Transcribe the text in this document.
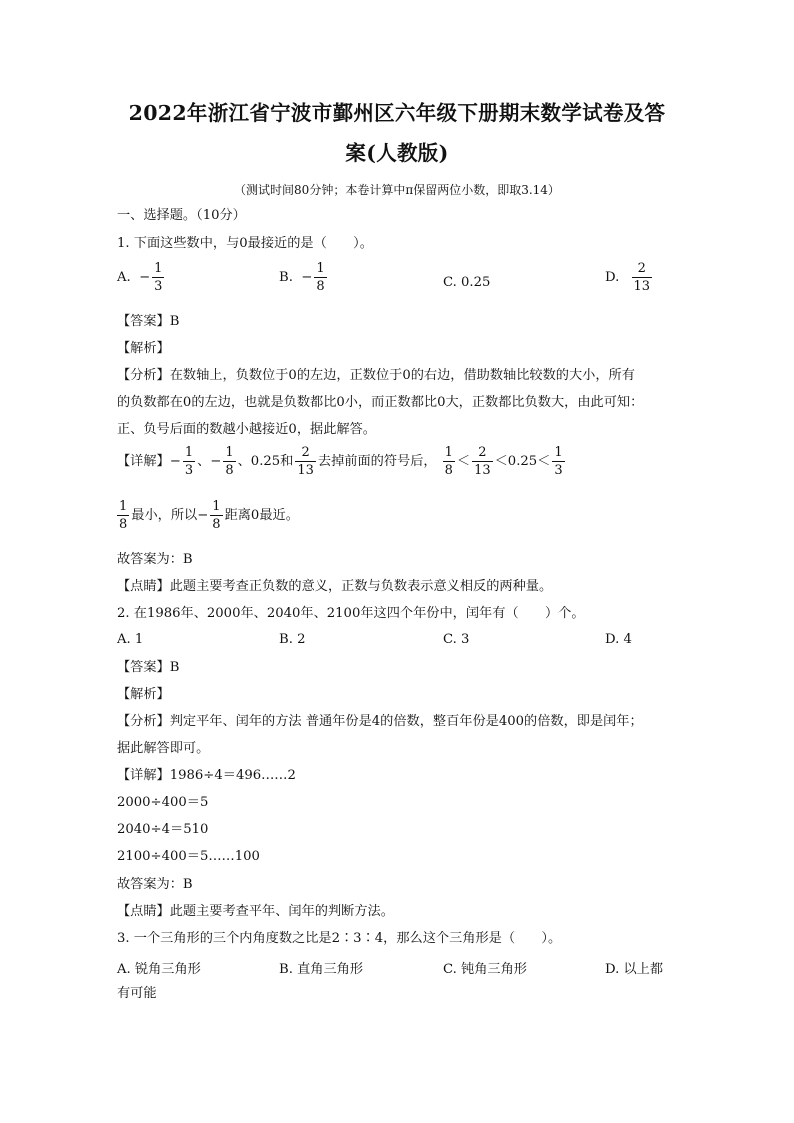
2022年浙江省宁波市鄞州区六年级下册期末数学试卷及答
案(人教版)
（测试时间80分钟；本卷计算中π保留两位小数，即取3.14）
一、选择题。（10分）
1. 下面这些数中，与0最接近的是（　　）。
A.  − $\frac{1}{3}$	B.  − $\frac{1}{8}$	C. 0.25	D. $\frac{2}{13}$
【答案】B
【解析】
【分析】在数轴上，负数位于0的左边，正数位于0的右边，借助数轴比较数的大小，所有
的负数都在0的左边，也就是负数都比0小，而正数都比0大，正数都比负数大，由此可知：
正、负号后面的数越小越接近0，据此解答。
【详解】 − $\frac{1}{3}$ 、 − $\frac{1}{8}$ 、0.25和 $\frac{2}{13}$ 去掉前面的符号后， $\frac{1}{8} < \frac{2}{13} <0.25< \frac{1}{3}$
$\frac{1}{8}$ 最小，所以 − $\frac{1}{8}$ 距离0最近。
故答案为：B
【点睛】此题主要考查正负数的意义，正数与负数表示意义相反的两种量。
2. 在1986年、2000年、2040年、2100年这四个年份中，闰年有（　　）个。
A. 1	B. 2	C. 3	D. 4
【答案】B
【解析】
【分析】判定平年、闰年的方法 普通年份是4的倍数，整百年份是400的倍数，即是闰年；
据此解答即可。
【详解】1986÷4＝496……2
2000÷400＝5
2040÷4＝510
2100÷400＝5……100
故答案为：B
【点睛】此题主要考查平年、闰年的判断方法。
3. 一个三角形的三个内角度数之比是2∶3∶4，那么这个三角形是（　　）。
A. 锐角三角形	B. 直角三角形	C. 钝角三角形	D. 以上都
有可能
